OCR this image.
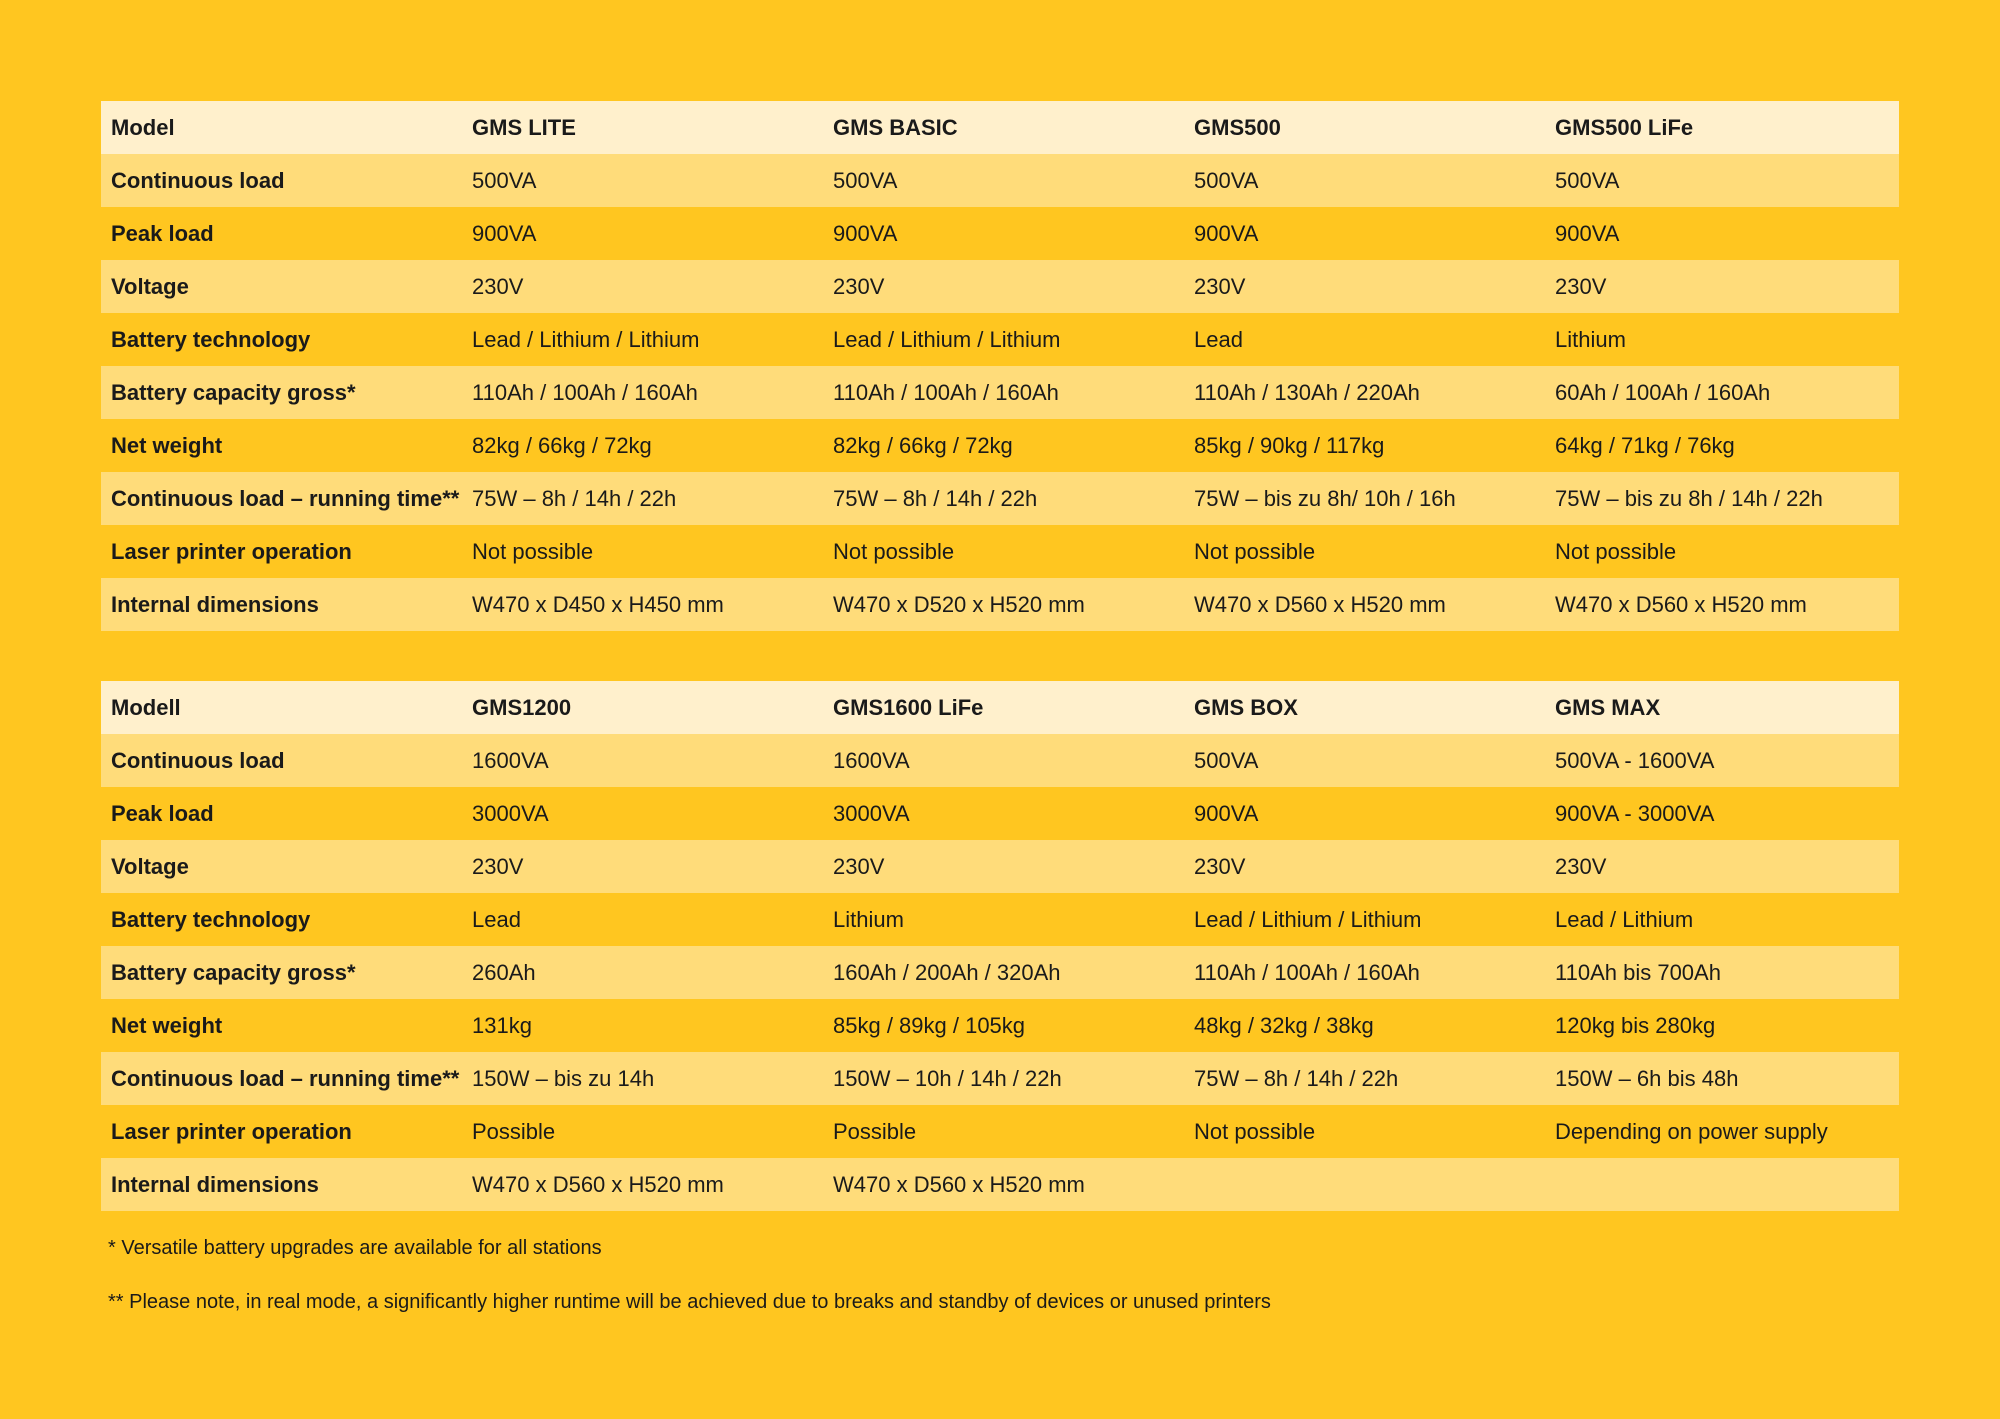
Model	GMS LITE	GMS BASIC	GMS500	GMS500 LiFe
Continuous load	500VA	500VA	500VA	500VA
Peak load	900VA	900VA	900VA	900VA
Voltage	230V	230V	230V	230V
Battery technology	Lead / Lithium / Lithium	Lead / Lithium / Lithium	Lead	Lithium
Battery capacity gross*	110Ah / 100Ah / 160Ah	110Ah / 100Ah / 160Ah	110Ah / 130Ah / 220Ah	60Ah / 100Ah / 160Ah
Net weight	82kg / 66kg / 72kg	82kg / 66kg / 72kg	85kg / 90kg / 117kg	64kg / 71kg / 76kg
Continuous load – running time**	75W – 8h / 14h / 22h	75W – 8h / 14h / 22h	75W – bis zu 8h/ 10h / 16h	75W – bis zu 8h / 14h / 22h
Laser printer operation	Not possible	Not possible	Not possible	Not possible
Internal dimensions	W470 x D450 x H450 mm	W470 x D520 x H520 mm	W470 x D560 x H520 mm	W470 x D560 x H520 mm
Modell	GMS1200	GMS1600 LiFe	GMS BOX	GMS MAX
Continuous load	1600VA	1600VA	500VA	500VA - 1600VA
Peak load	3000VA	3000VA	900VA	900VA - 3000VA
Voltage	230V	230V	230V	230V
Battery technology	Lead	Lithium	Lead / Lithium / Lithium	Lead / Lithium
Battery capacity gross*	260Ah	160Ah / 200Ah / 320Ah	110Ah / 100Ah / 160Ah	110Ah bis 700Ah
Net weight	131kg	85kg / 89kg / 105kg	48kg / 32kg / 38kg	120kg bis 280kg
Continuous load – running time**	150W – bis zu 14h	150W – 10h / 14h / 22h	75W – 8h / 14h / 22h	150W – 6h bis 48h
Laser printer operation	Possible	Possible	Not possible	Depending on power supply
Internal dimensions	W470 x D560 x H520 mm	W470 x D560 x H520 mm		
* Versatile battery upgrades are available for all stations
** Please note, in real mode, a significantly higher runtime will be achieved due to breaks and standby of devices or unused printers
